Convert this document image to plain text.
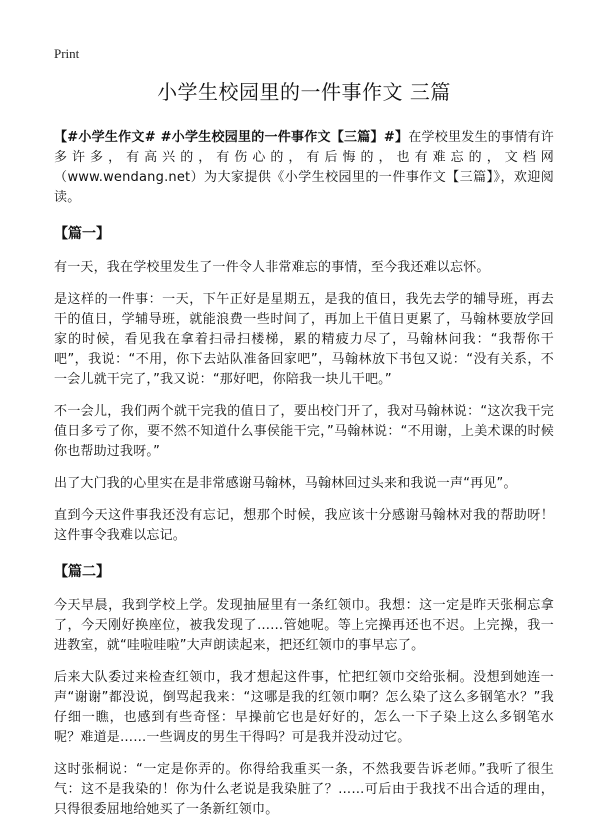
Print
小学生校园里的一件事作文 三篇

【#小学生作文# #小学生校园里的一件事作文【三篇】#】在学校里发生的事情有许多许多，有高兴的，有伤心的，有后悔的，也有难忘的，文档网（www.wendang.net）为大家提供《小学生校园里的一件事作文【三篇】》，欢迎阅读。

【篇一】

有一天，我在学校里发生了一件令人非常难忘的事情，至今我还难以忘怀。

是这样的一件事：一天，下午正好是星期五，是我的值日，我先去学的辅导班，再去干的值日，学辅导班，就能浪费一些时间了，再加上干值日更累了，马翰林要放学回家的时候，看见我在拿着扫帚扫楼梯，累的精疲力尽了，马翰林问我：“我帮你干吧”，我说：“不用，你下去站队准备回家吧”，马翰林放下书包又说：“没有关系，不一会儿就干完了，”我又说：“那好吧，你陪我一块儿干吧。”

不一会儿，我们两个就干完我的值日了，要出校门开了，我对马翰林说：“这次我干完值日多亏了你，要不然不知道什么事侯能干完，”马翰林说：“不用谢，上美术课的时候你也帮助过我呀。”

出了大门我的心里实在是非常感谢马翰林，马翰林回过头来和我说一声“再见”。

直到今天这件事我还没有忘记，想那个时候，我应该十分感谢马翰林对我的帮助呀！这件事令我难以忘记。

【篇二】

今天早晨，我到学校上学。发现抽屉里有一条红领巾。我想：这一定是昨天张桐忘拿了，今天刚好换座位，被我发现了……管她呢。等上完操再还也不迟。上完操，我一进教室，就“哇啦哇啦”大声朗读起来，把还红领巾的事早忘了。

后来大队委过来检查红领巾，我才想起这件事，忙把红领巾交给张桐。没想到她连一声“谢谢”都没说，倒骂起我来：“这哪是我的红领巾啊？怎么染了这么多钢笔水？”我仔细一瞧，也感到有些奇怪：早操前它也是好好的，怎么一下子染上这么多钢笔水呢？难道是……一些调皮的男生干得吗？可是我并没动过它。

这时张桐说：“一定是你弄的。你得给我重买一条，不然我要告诉老师。”我听了很生气：这不是我染的！你为什么老说是我染脏了？……可后由于我找不出合适的理由，只得很委屈地给她买了一条新红领巾。
